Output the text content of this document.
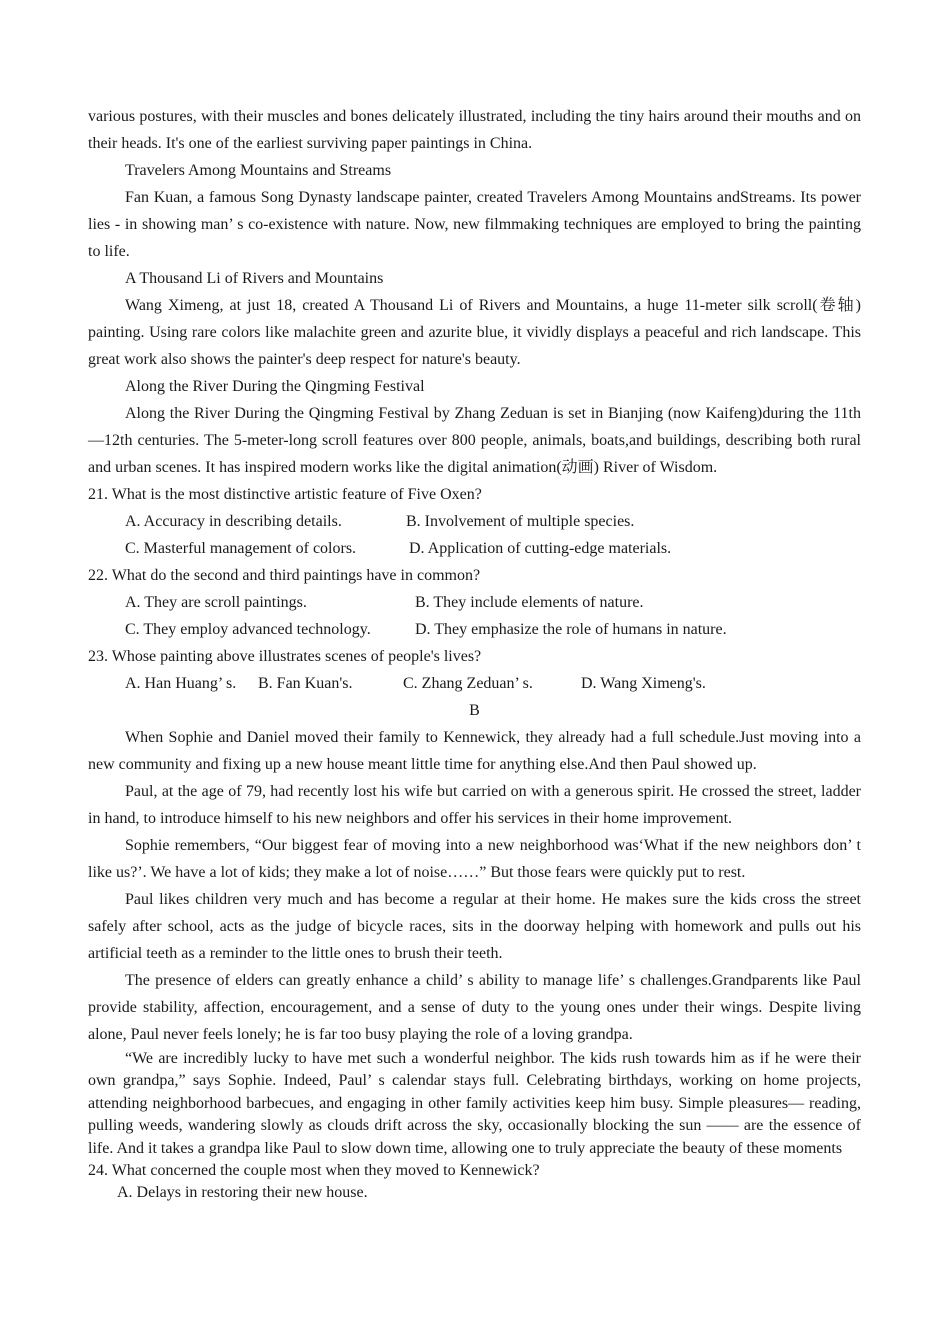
various postures, with their muscles and bones delicately illustrated, including the tiny hairs around their mouths and on their heads. It's one of the earliest surviving paper paintings in China.

Travelers Among Mountains and Streams

Fan Kuan, a famous Song Dynasty landscape painter, created Travelers Among Mountains andStreams. Its power lies - in showing man’ s co-existence with nature. Now, new filmmaking techniques are employed to bring the painting to life.

A Thousand Li of Rivers and Mountains

Wang Ximeng, at just 18, created A Thousand Li of Rivers and Mountains, a huge 11-meter silk scroll(卷轴) painting. Using rare colors like malachite green and azurite blue, it vividly displays a peaceful and rich landscape. This great work also shows the painter's deep respect for nature's beauty.

Along the River During the Qingming Festival

Along the River During the Qingming Festival by Zhang Zeduan is set in Bianjing (now Kaifeng)during the 11th—12th centuries. The 5-meter-long scroll features over 800 people, animals, boats,and buildings, describing both rural and urban scenes. It has inspired modern works like the digital animation(动画) River of Wisdom.

21. What is the most distinctive artistic feature of Five Oxen?

A. Accuracy in describing details.	B. Involvement of multiple species.
C. Masterful management of colors.	D. Application of cutting-edge materials.

22. What do the second and third paintings have in common?

A. They are scroll paintings.	B. They include elements of nature.
C. They employ advanced technology.	D. They emphasize the role of humans in nature.

23. Whose painting above illustrates scenes of people's lives?

A. Han Huang’ s.	B. Fan Kuan's.	C. Zhang Zeduan’ s.	D. Wang Ximeng's.

B

When Sophie and Daniel moved their family to Kennewick, they already had a full schedule.Just moving into a new community and fixing up a new house meant little time for anything else.And then Paul showed up.

Paul, at the age of 79, had recently lost his wife but carried on with a generous spirit. He crossed the street, ladder in hand, to introduce himself to his new neighbors and offer his services in their home improvement.

Sophie remembers, “Our biggest fear of moving into a new neighborhood was‘What if the new neighbors don’ t like us?’. We have a lot of kids; they make a lot of noise……” But those fears were quickly put to rest.

Paul likes children very much and has become a regular at their home. He makes sure the kids cross the street safely after school, acts as the judge of bicycle races, sits in the doorway helping with homework and pulls out his artificial teeth as a reminder to the little ones to brush their teeth.

The presence of elders can greatly enhance a child’ s ability to manage life’ s challenges.Grandparents like Paul provide stability, affection, encouragement, and a sense of duty to the young ones under their wings. Despite living alone, Paul never feels lonely; he is far too busy playing the role of a loving grandpa.

“We are incredibly lucky to have met such a wonderful neighbor. The kids rush towards him as if he were their own grandpa,” says Sophie. Indeed, Paul’ s calendar stays full. Celebrating birthdays, working on home projects, attending neighborhood barbecues, and engaging in other family activities keep him busy. Simple pleasures— reading, pulling weeds, wandering slowly as clouds drift across the sky, occasionally blocking the sun —— are the essence of life. And it takes a grandpa like Paul to slow down time, allowing one to truly appreciate the beauty of these moments

24. What concerned the couple most when they moved to Kennewick?

A. Delays in restoring their new house.
